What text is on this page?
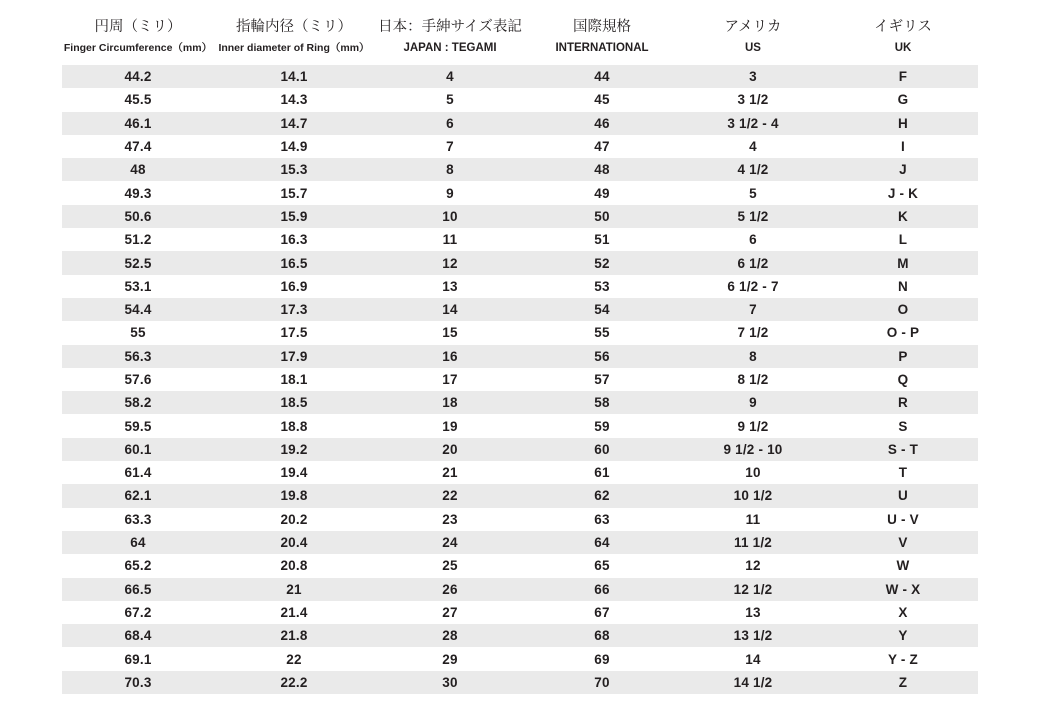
円周（ミリ）	指輪内径（ミリ）	日本：手紳サイズ表記	国際規格	アメリカ	イギリス
Finger Circumference（mm）	Inner diameter of Ring（mm）	JAPAN : TEGAMI	INTERNATIONAL	US	UK
44.2	14.1	4	44	3	F
45.5	14.3	5	45	3 1/2	G
46.1	14.7	6	46	3 1/2 - 4	H
47.4	14.9	7	47	4	I
48	15.3	8	48	4 1/2	J
49.3	15.7	9	49	5	J - K
50.6	15.9	10	50	5 1/2	K
51.2	16.3	11	51	6	L
52.5	16.5	12	52	6 1/2	M
53.1	16.9	13	53	6 1/2 - 7	N
54.4	17.3	14	54	7	O
55	17.5	15	55	7 1/2	O - P
56.3	17.9	16	56	8	P
57.6	18.1	17	57	8 1/2	Q
58.2	18.5	18	58	9	R
59.5	18.8	19	59	9 1/2	S
60.1	19.2	20	60	9 1/2 - 10	S - T
61.4	19.4	21	61	10	T
62.1	19.8	22	62	10 1/2	U
63.3	20.2	23	63	11	U - V
64	20.4	24	64	11 1/2	V
65.2	20.8	25	65	12	W
66.5	21	26	66	12 1/2	W - X
67.2	21.4	27	67	13	X
68.4	21.8	28	68	13 1/2	Y
69.1	22	29	69	14	Y - Z
70.3	22.2	30	70	14 1/2	Z
